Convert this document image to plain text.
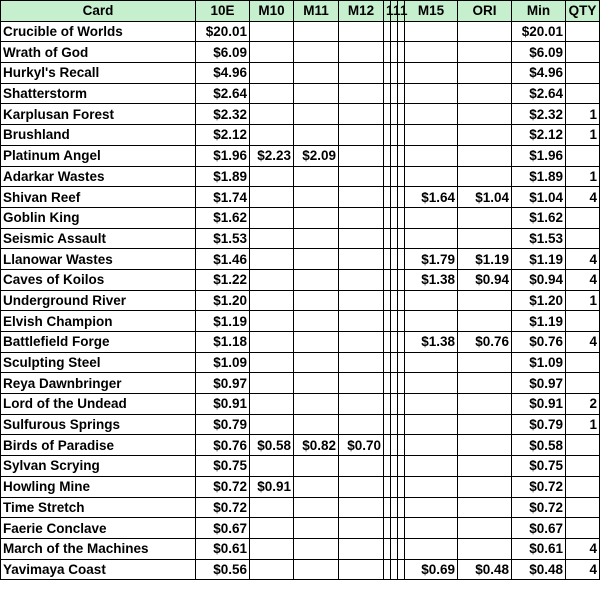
Card	10E	M10	M11	M12	1	1	1	M15	ORI	Min	QTY
Crucible of Worlds	$20.01									$20.01	
Wrath of God	$6.09									$6.09	
Hurkyl's Recall	$4.96									$4.96	
Shatterstorm	$2.64									$2.64	
Karplusan Forest	$2.32									$2.32	1
Brushland	$2.12									$2.12	1
Platinum Angel	$1.96	$2.23	$2.09							$1.96	
Adarkar Wastes	$1.89									$1.89	1
Shivan Reef	$1.74							$1.64	$1.04	$1.04	4
Goblin King	$1.62									$1.62	
Seismic Assault	$1.53									$1.53	
Llanowar Wastes	$1.46							$1.79	$1.19	$1.19	4
Caves of Koilos	$1.22							$1.38	$0.94	$0.94	4
Underground River	$1.20									$1.20	1
Elvish Champion	$1.19									$1.19	
Battlefield Forge	$1.18							$1.38	$0.76	$0.76	4
Sculpting Steel	$1.09									$1.09	
Reya Dawnbringer	$0.97									$0.97	
Lord of the Undead	$0.91									$0.91	2
Sulfurous Springs	$0.79									$0.79	1
Birds of Paradise	$0.76	$0.58	$0.82	$0.70						$0.58	
Sylvan Scrying	$0.75									$0.75	
Howling Mine	$0.72	$0.91								$0.72	
Time Stretch	$0.72									$0.72	
Faerie Conclave	$0.67									$0.67	
March of the Machines	$0.61									$0.61	4
Yavimaya Coast	$0.56							$0.69	$0.48	$0.48	4
